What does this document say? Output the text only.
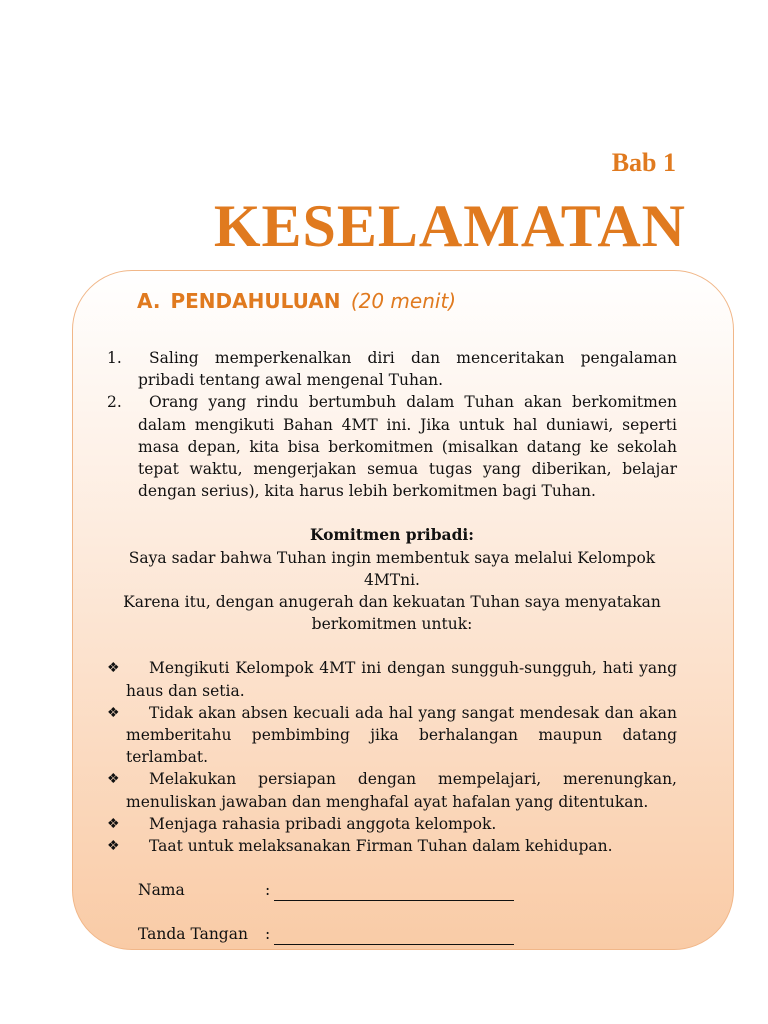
Bab 1
KESELAMATAN
A. PENDAHULUAN (20 menit)
1.	Saling memperkenalkan diri dan menceritakan pengalaman pribadi tentang awal mengenal Tuhan.
2.	Orang yang rindu bertumbuh dalam Tuhan akan berkomitmen dalam mengikuti Bahan 4MT ini. Jika untuk hal duniawi, seperti masa depan, kita bisa berkomitmen (misalkan datang ke sekolah tepat waktu, mengerjakan semua tugas yang diberikan, belajar dengan serius), kita harus lebih berkomitmen bagi Tuhan.
Komitmen pribadi:
Saya sadar bahwa Tuhan ingin membentuk saya melalui Kelompok 4MTni.
Karena itu, dengan anugerah dan kekuatan Tuhan saya menyatakan
berkomitmen untuk:
❖ Mengikuti Kelompok 4MT ini dengan sungguh-sungguh, hati yang haus dan setia.
❖ Tidak akan absen kecuali ada hal yang sangat mendesak dan akan memberitahu pembimbing jika berhalangan maupun datang terlambat.
❖ Melakukan persiapan dengan mempelajari, merenungkan, menuliskan jawaban dan menghafal ayat hafalan yang ditentukan.
❖ Menjaga rahasia pribadi anggota kelompok.
❖ Taat untuk melaksanakan Firman Tuhan dalam kehidupan.
Nama	:
Tanda Tangan :
